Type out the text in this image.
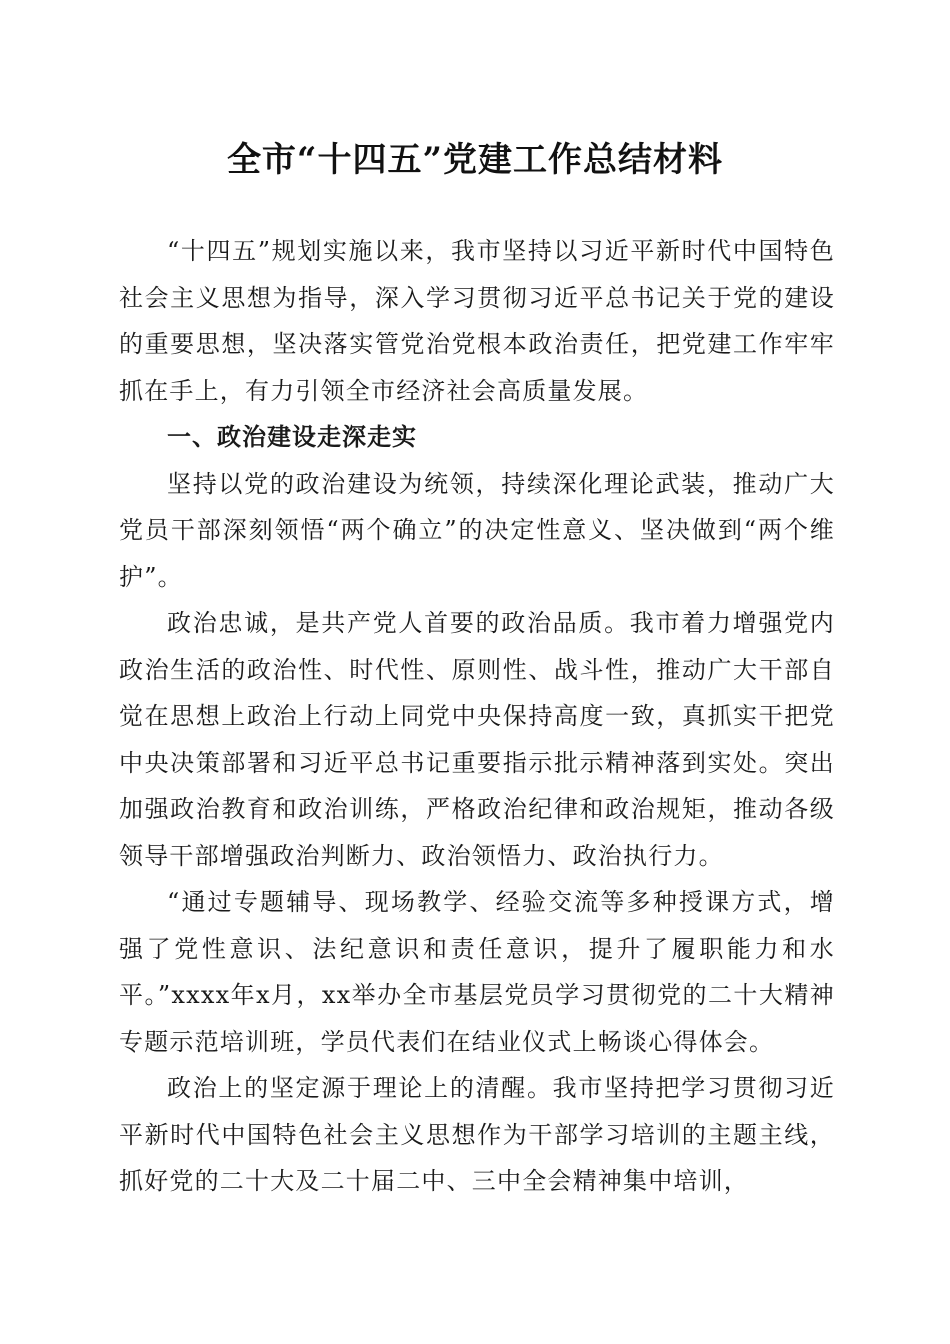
全市“十四五”党建工作总结材料

“十四五”规划实施以来，我市坚持以习近平新时代中国特色社会主义思想为指导，深入学习贯彻习近平总书记关于党的建设的重要思想，坚决落实管党治党根本政治责任，把党建工作牢牢抓在手上，有力引领全市经济社会高质量发展。

一、政治建设走深走实

坚持以党的政治建设为统领，持续深化理论武装，推动广大党员干部深刻领悟“两个确立”的决定性意义、坚决做到“两个维护”。

政治忠诚，是共产党人首要的政治品质。我市着力增强党内政治生活的政治性、时代性、原则性、战斗性，推动广大干部自觉在思想上政治上行动上同党中央保持高度一致，真抓实干把党中央决策部署和习近平总书记重要指示批示精神落到实处。突出加强政治教育和政治训练，严格政治纪律和政治规矩，推动各级领导干部增强政治判断力、政治领悟力、政治执行力。

“通过专题辅导、现场教学、经验交流等多种授课方式，增强了党性意识、法纪意识和责任意识，提升了履职能力和水平。”xxxx年x月，xx举办全市基层党员学习贯彻党的二十大精神专题示范培训班，学员代表们在结业仪式上畅谈心得体会。

政治上的坚定源于理论上的清醒。我市坚持把学习贯彻习近平新时代中国特色社会主义思想作为干部学习培训的主题主线，抓好党的二十大及二十届二中、三中全会精神集中培训，
